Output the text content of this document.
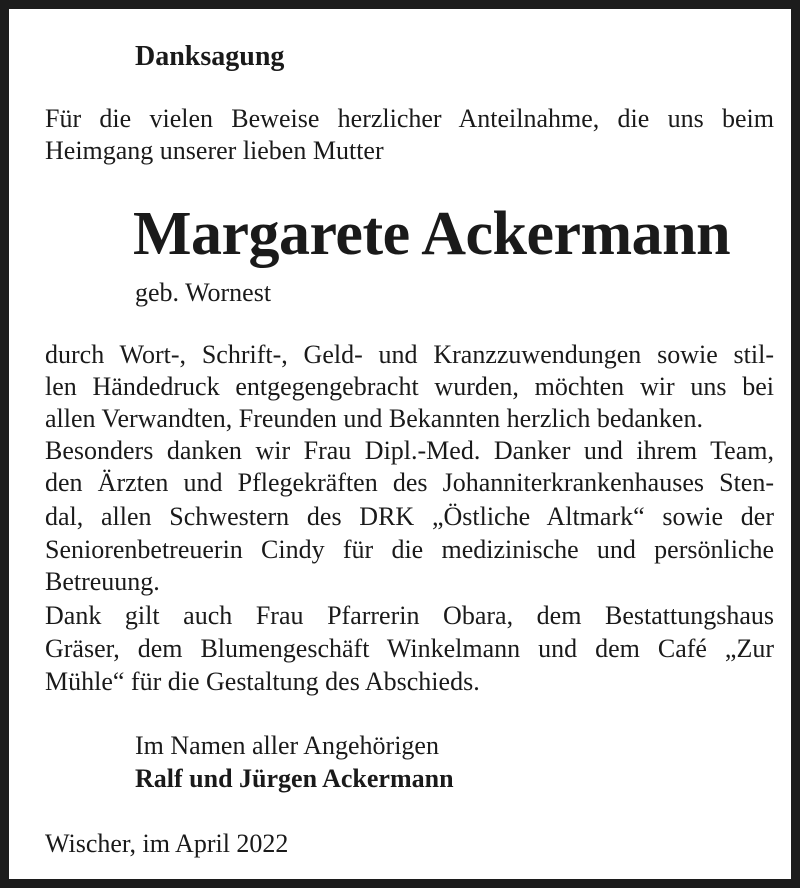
Danksagung
Für die vielen Beweise herzlicher Anteilnahme, die uns beim
Heimgang unserer lieben Mutter
Margarete Ackermann
geb. Wornest
durch Wort-, Schrift-, Geld- und Kranzzuwendungen sowie stil-
len Händedruck entgegengebracht wurden, möchten wir uns bei
allen Verwandten, Freunden und Bekannten herzlich bedanken.
Besonders danken wir Frau Dipl.-Med. Danker und ihrem Team,
den Ärzten und Pflegekräften des Johanniterkrankenhauses Sten-
dal, allen Schwestern des DRK „Östliche Altmark“ sowie der
Seniorenbetreuerin Cindy für die medizinische und persönliche
Betreuung.
Dank gilt auch Frau Pfarrerin Obara, dem Bestattungshaus
Gräser, dem Blumengeschäft Winkelmann und dem Café „Zur
Mühle“ für die Gestaltung des Abschieds.
Im Namen aller Angehörigen
Ralf und Jürgen Ackermann
Wischer, im April 2022
